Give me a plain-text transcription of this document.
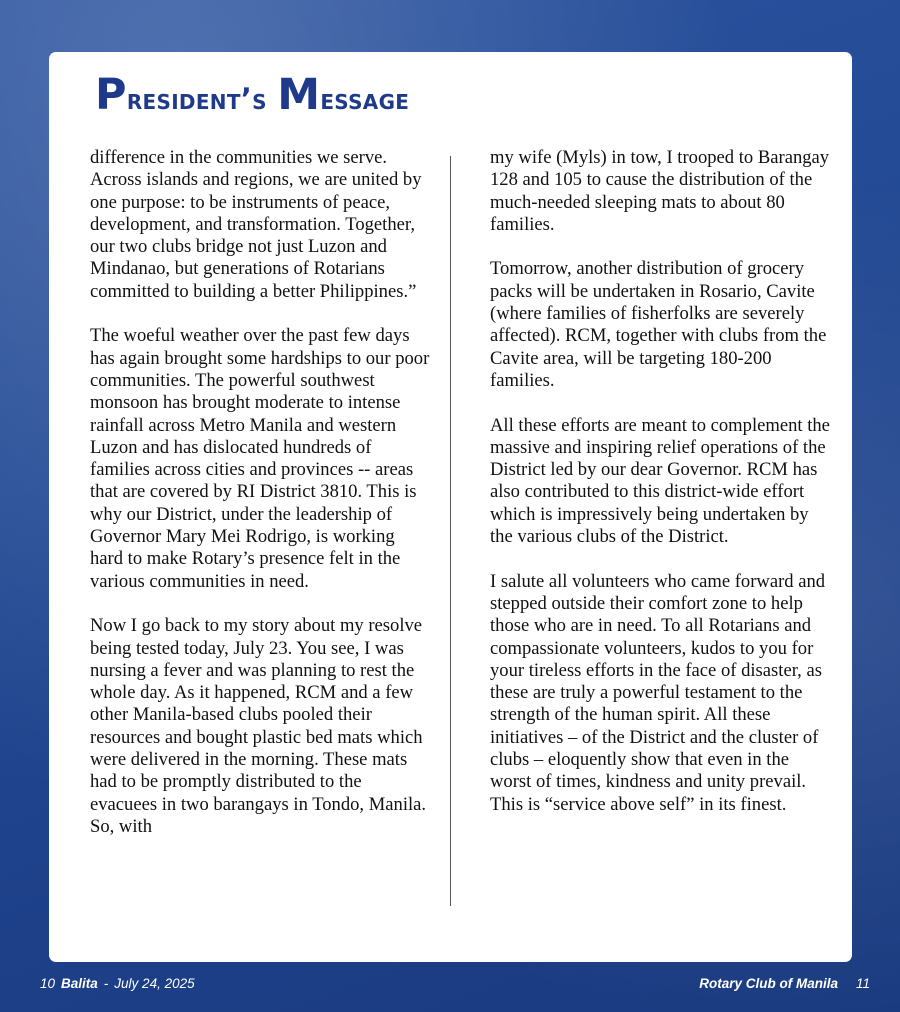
President’s Message

difference in the communities we serve. Across islands and regions, we are united by one purpose: to be instruments of peace, development, and transformation. Together, our two clubs bridge not just Luzon and Mindanao, but generations of Rotarians committed to building a better Philippines.”

The woeful weather over the past few days has again brought some hardships to our poor communities. The powerful southwest monsoon has brought moderate to intense rainfall across Metro Manila and western Luzon and has dislocated hundreds of families across cities and provinces -- areas that are covered by RI District 3810. This is why our District, under the leadership of Governor Mary Mei Rodrigo, is working hard to make Rotary’s presence felt in the various communities in need.

Now I go back to my story about my resolve being tested today, July 23. You see, I was nursing a fever and was planning to rest the whole day. As it happened, RCM and a few other Manila-based clubs pooled their resources and bought plastic bed mats which were delivered in the morning. These mats had to be promptly distributed to the evacuees in two barangays in Tondo, Manila. So, with

my wife (Myls) in tow, I trooped to Barangay 128 and 105 to cause the distribution of the much-needed sleeping mats to about 80 families.

Tomorrow, another distribution of grocery packs will be undertaken in Rosario, Cavite (where families of fisherfolks are severely affected). RCM, together with clubs from the Cavite area, will be targeting 180-200 families.

All these efforts are meant to complement the massive and inspiring relief operations of the District led by our dear Governor. RCM has also contributed to this district-wide effort which is impressively being undertaken by the various clubs of the District.

I salute all volunteers who came forward and stepped outside their comfort zone to help those who are in need. To all Rotarians and compassionate volunteers, kudos to you for your tireless efforts in the face of disaster, as these are truly a powerful testament to the strength of the human spirit. All these initiatives – of the District and the cluster of clubs – eloquently show that even in the worst of times, kindness and unity prevail. This is “service above self” in its finest.

10 Balita - July 24, 2025	Rotary Club of Manila 11
